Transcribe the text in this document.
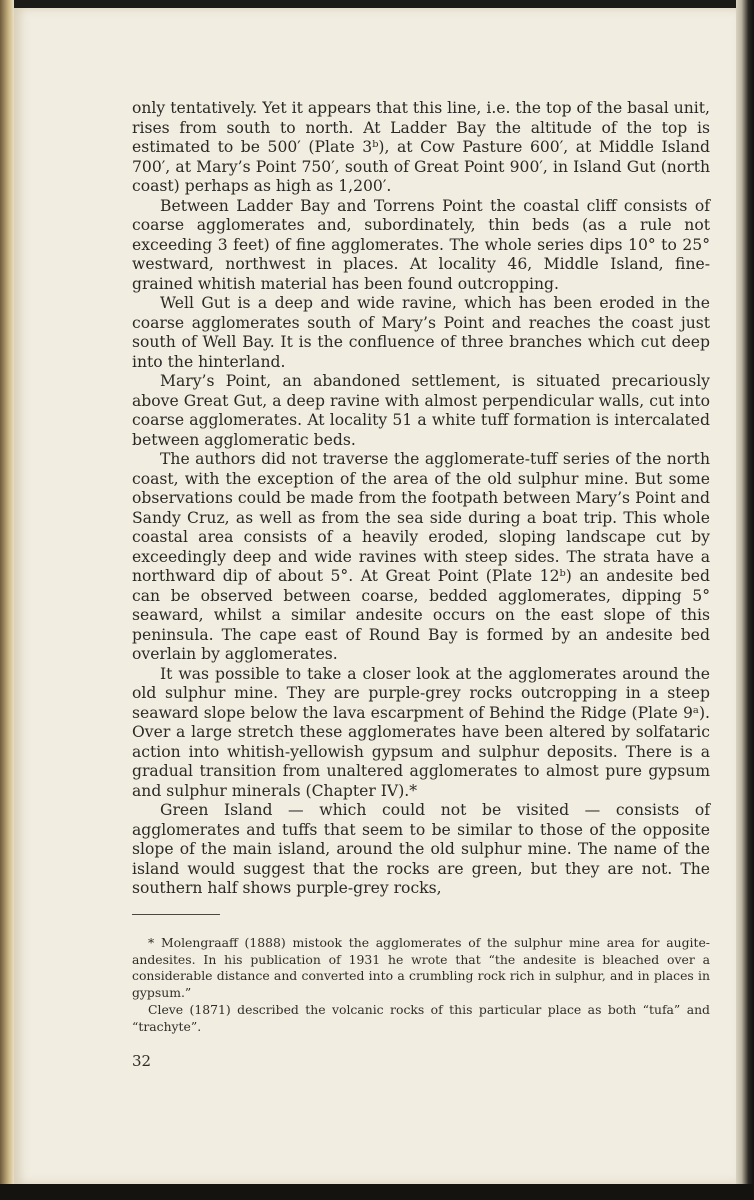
only tentatively. Yet it appears that this line, i.e. the top of the basal unit, rises from south to north. At Ladder Bay the altitude of the top is estimated to be 500′ (Plate 3ᵇ), at Cow Pasture 600′, at Middle Island 700′, at Mary’s Point 750′, south of Great Point 900′, in Island Gut (north coast) perhaps as high as 1,200′.

Between Ladder Bay and Torrens Point the coastal cliff consists of coarse agglomerates and, subordinately, thin beds (as a rule not exceeding 3 feet) of fine agglomerates. The whole series dips 10° to 25° westward, northwest in places. At locality 46, Middle Island, fine-grained whitish material has been found outcropping.

Well Gut is a deep and wide ravine, which has been eroded in the coarse agglomerates south of Mary’s Point and reaches the coast just south of Well Bay. It is the confluence of three branches which cut deep into the hinterland.

Mary’s Point, an abandoned settlement, is situated precariously above Great Gut, a deep ravine with almost perpendicular walls, cut into coarse agglomerates. At locality 51 a white tuff formation is intercalated between agglomeratic beds.

The authors did not traverse the agglomerate-tuff series of the north coast, with the exception of the area of the old sulphur mine. But some observations could be made from the footpath between Mary’s Point and Sandy Cruz, as well as from the sea side during a boat trip. This whole coastal area consists of a heavily eroded, sloping landscape cut by exceedingly deep and wide ravines with steep sides. The strata have a northward dip of about 5°. At Great Point (Plate 12ᵇ) an andesite bed can be observed between coarse, bedded agglomerates, dipping 5° seaward, whilst a similar andesite occurs on the east slope of this peninsula. The cape east of Round Bay is formed by an andesite bed overlain by agglomerates.

It was possible to take a closer look at the agglomerates around the old sulphur mine. They are purple-grey rocks outcropping in a steep seaward slope below the lava escarpment of Behind the Ridge (Plate 9ᵃ). Over a large stretch these agglomerates have been altered by solfataric action into whitish-yellowish gypsum and sulphur deposits. There is a gradual transition from unaltered agglomerates to almost pure gypsum and sulphur minerals (Chapter IV).*

Green Island — which could not be visited — consists of agglomerates and tuffs that seem to be similar to those of the opposite slope of the main island, around the old sulphur mine. The name of the island would suggest that the rocks are green, but they are not. The southern half shows purple-grey rocks,

* Molengraaff (1888) mistook the agglomerates of the sulphur mine area for augite-andesites. In his publication of 1931 he wrote that “the andesite is bleached over a considerable distance and converted into a crumbling rock rich in sulphur, and in places in gypsum.”

Cleve (1871) described the volcanic rocks of this particular place as both “tufa” and “trachyte”.

32
